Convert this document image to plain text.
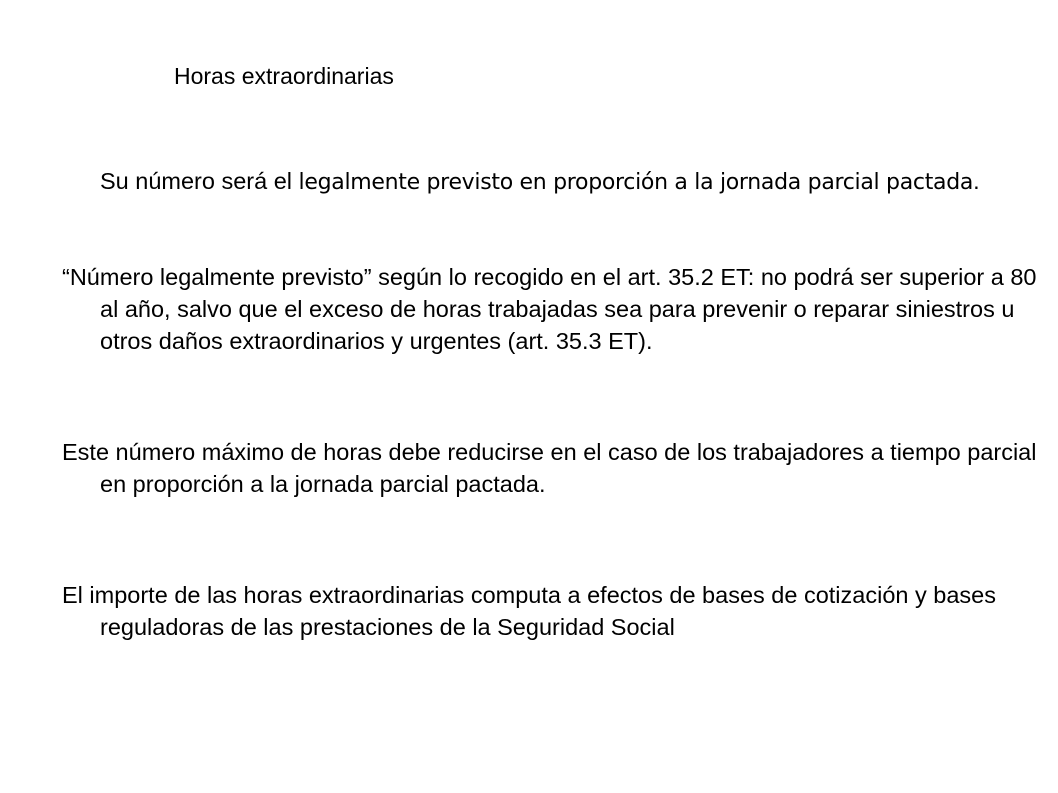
Horas extraordinarias

Su número será el legalmente previsto en proporción a la jornada parcial pactada.

“Número legalmente previsto” según lo recogido en el art. 35.2 ET: no podrá ser superior a 80 al año, salvo que el exceso de horas trabajadas sea para prevenir o reparar siniestros u otros daños extraordinarios y urgentes (art. 35.3 ET).

Este número máximo de horas debe reducirse en el caso de los trabajadores a tiempo parcial en proporción a la jornada parcial pactada.

El importe de las horas extraordinarias computa a efectos de bases de cotización y bases reguladoras de las prestaciones de la Seguridad Social
